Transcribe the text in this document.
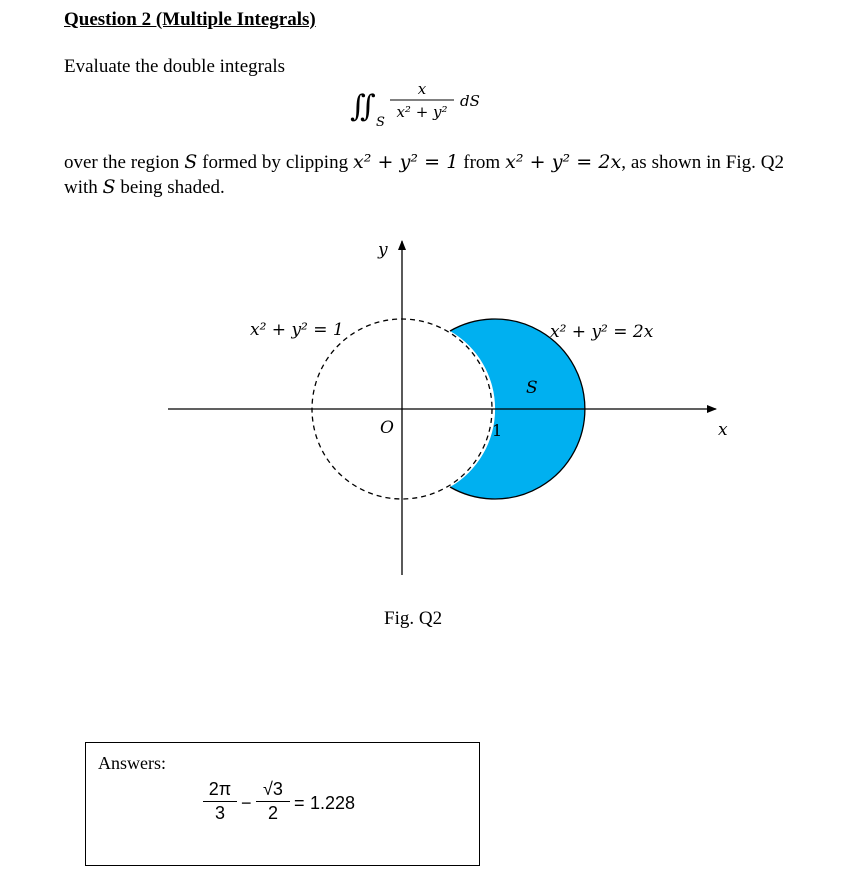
Question 2 (Multiple Integrals)
Evaluate the double integrals
∬ S
x
x² + y²
dS
over the region S formed by clipping x² + y² = 1 from x² + y² = 2x, as shown in Fig. Q2 with S being shaded.
y
x
O	1
S
x² + y² = 1	x² + y² = 2x
Fig. Q2
Answers:
2π
3 −
√3
2 = 1.228
